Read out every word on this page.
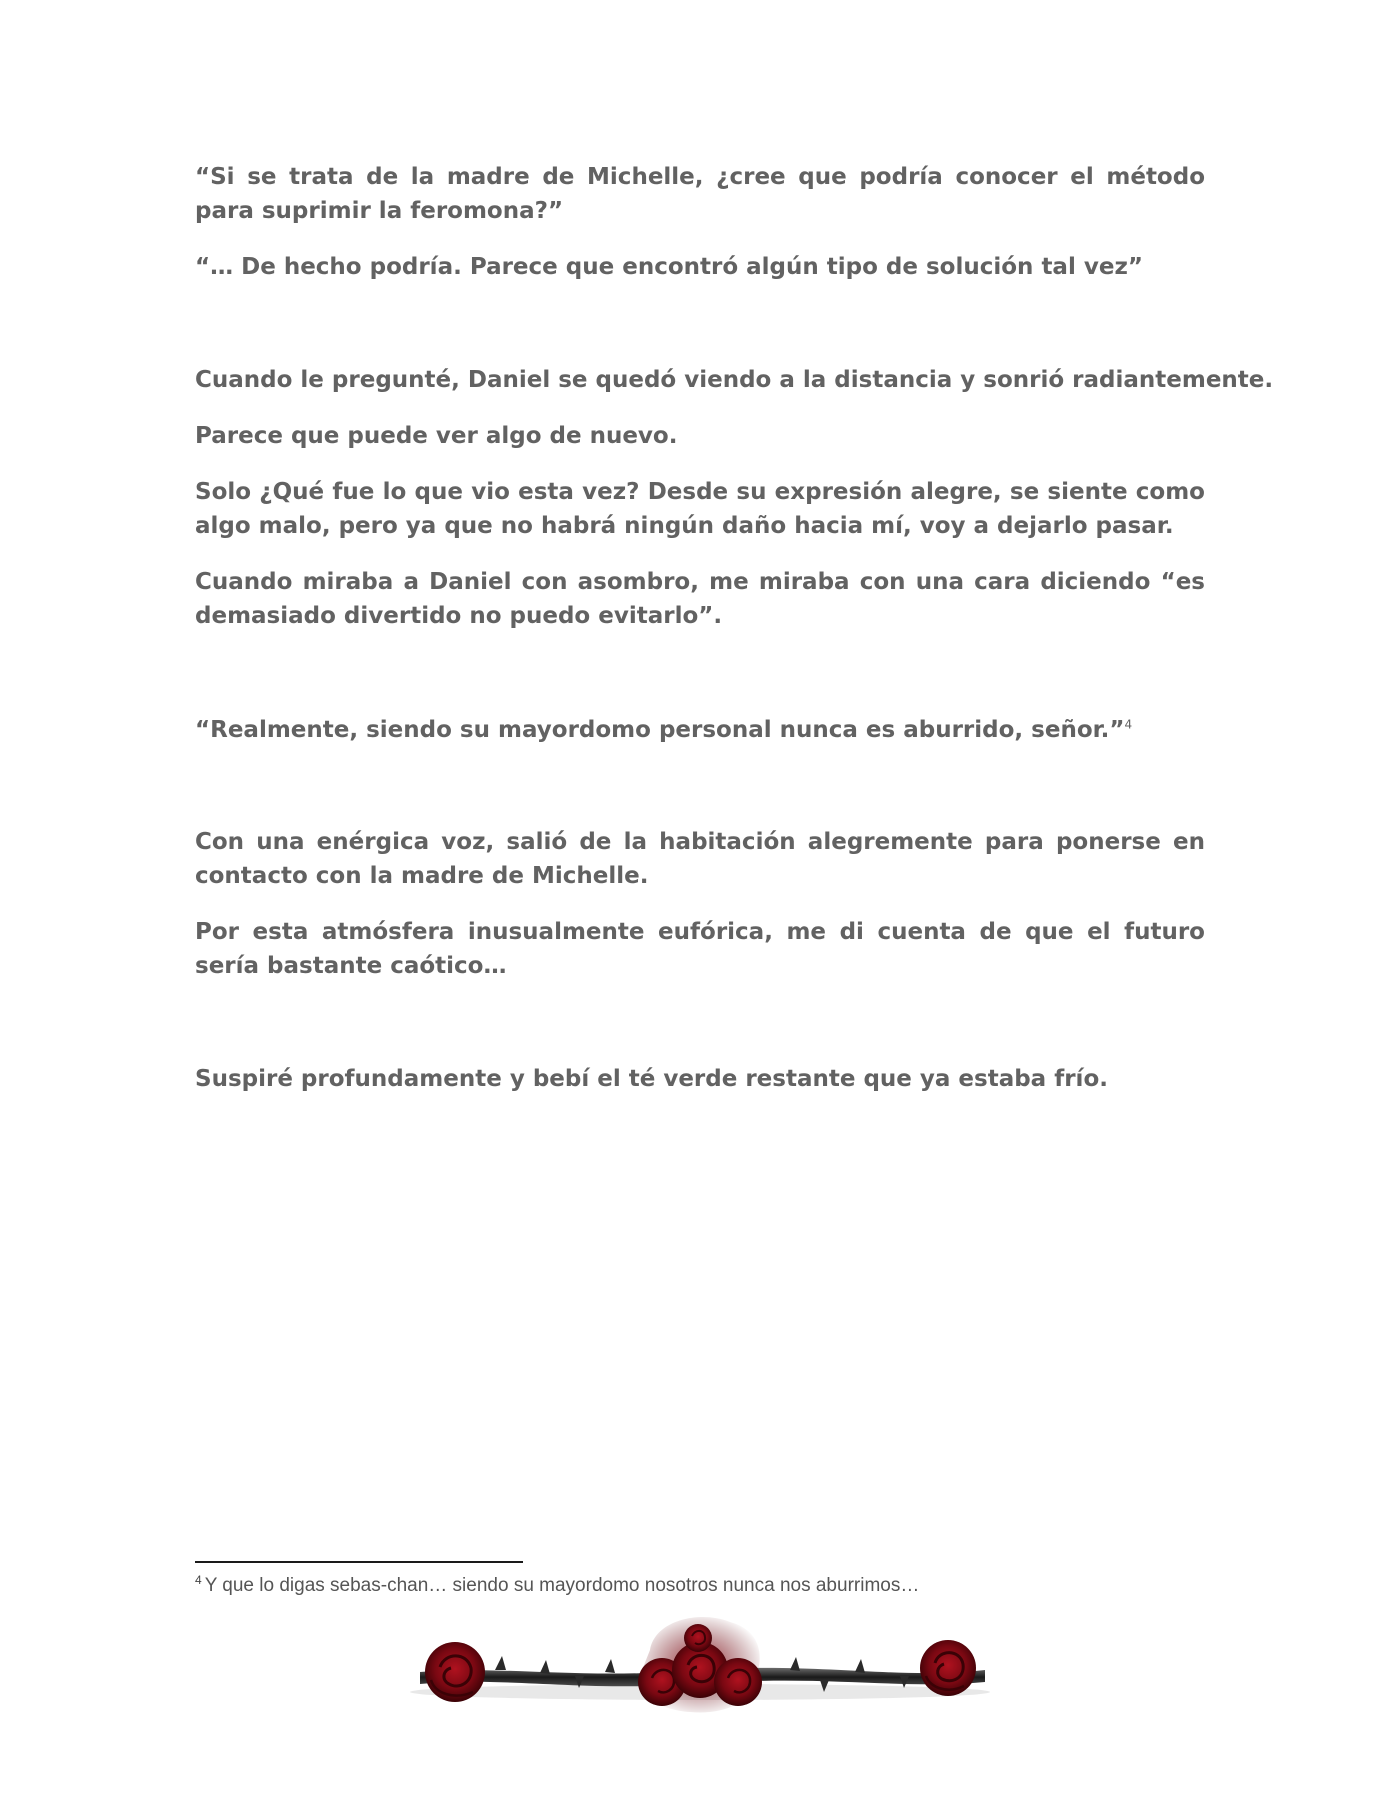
“Si se trata de la madre de Michelle, ¿cree que podría conocer el método para suprimir la feromona?”

“… De hecho podría. Parece que encontró algún tipo de solución tal vez”

Cuando le pregunté, Daniel se quedó viendo a la distancia y sonrió radiantemente.

Parece que puede ver algo de nuevo.

Solo ¿Qué fue lo que vio esta vez? Desde su expresión alegre, se siente como algo malo, pero ya que no habrá ningún daño hacia mí, voy a dejarlo pasar.

Cuando miraba a Daniel con asombro, me miraba con una cara diciendo “es demasiado divertido no puedo evitarlo”.

“Realmente, siendo su mayordomo personal nunca es aburrido, señor.”$^4$

Con una enérgica voz, salió de la habitación alegremente para ponerse en contacto con la madre de Michelle.

Por esta atmósfera inusualmente eufórica, me di cuenta de que el futuro sería bastante caótico…

Suspiré profundamente y bebí el té verde restante que ya estaba frío.

$^4$ Y que lo digas sebas-chan… siendo su mayordomo nosotros nunca nos aburrimos…
